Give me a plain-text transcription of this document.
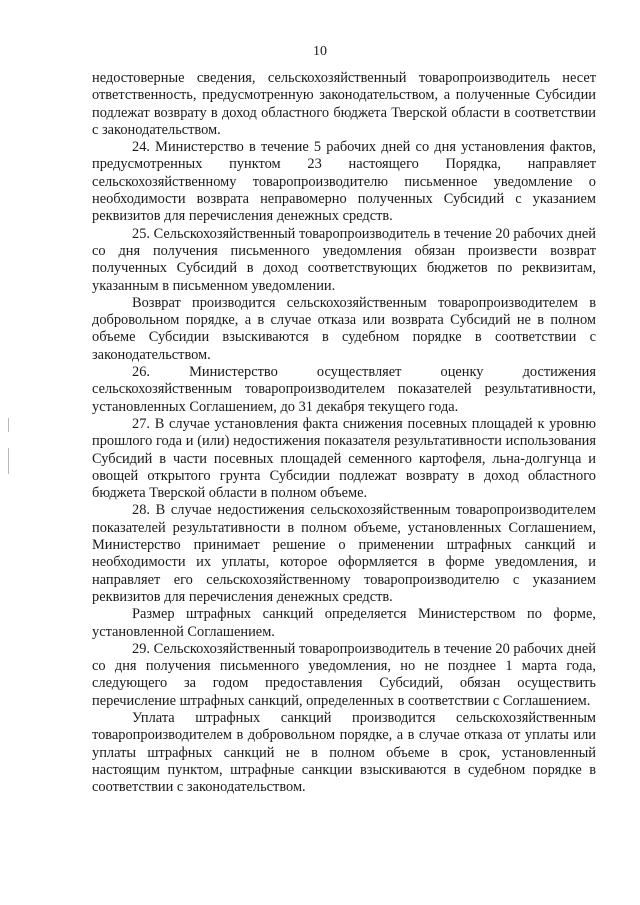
10

недостоверные сведения, сельскохозяйственный товаропроизводитель несет ответственность, предусмотренную законодательством, а полученные Субсидии подлежат возврату в доход областного бюджета Тверской области в соответствии с законодательством.

24. Министерство в течение 5 рабочих дней со дня установления фактов, предусмотренных пунктом 23 настоящего Порядка, направляет сельскохозяйственному товаропроизводителю письменное уведомление о необходимости возврата неправомерно полученных Субсидий с указанием реквизитов для перечисления денежных средств.

25. Сельскохозяйственный товаропроизводитель в течение 20 рабочих дней со дня получения письменного уведомления обязан произвести возврат полученных Субсидий в доход соответствующих бюджетов по реквизитам, указанным в письменном уведомлении.

Возврат производится сельскохозяйственным товаропроизводителем в добровольном порядке, а в случае отказа или возврата Субсидий не в полном объеме Субсидии взыскиваются в судебном порядке в соответствии с законодательством.

26. Министерство осуществляет оценку достижения сельскохозяйственным товаропроизводителем показателей результативности, установленных Соглашением, до 31 декабря текущего года.

27. В случае установления факта снижения посевных площадей к уровню прошлого года и (или) недостижения показателя результативности использования Субсидий в части посевных площадей семенного картофеля, льна-долгунца и овощей открытого грунта Субсидии подлежат возврату в доход областного бюджета Тверской области в полном объеме.

28. В случае недостижения сельскохозяйственным товаропроизводителем показателей результативности в полном объеме, установленных Соглашением, Министерство принимает решение о применении штрафных санкций и необходимости их уплаты, которое оформляется в форме уведомления, и направляет его сельскохозяйственному товаропроизводителю с указанием реквизитов для перечисления денежных средств.

Размер штрафных санкций определяется Министерством по форме, установленной Соглашением.

29. Сельскохозяйственный товаропроизводитель в течение 20 рабочих дней со дня получения письменного уведомления, но не позднее 1 марта года, следующего за годом предоставления Субсидий, обязан осуществить перечисление штрафных санкций, определенных в соответствии с Соглашением.

Уплата штрафных санкций производится сельскохозяйственным товаропроизводителем в добровольном порядке, а в случае отказа от уплаты или уплаты штрафных санкций не в полном объеме в срок, установленный настоящим пунктом, штрафные санкции взыскиваются в судебном порядке в соответствии с законодательством.
